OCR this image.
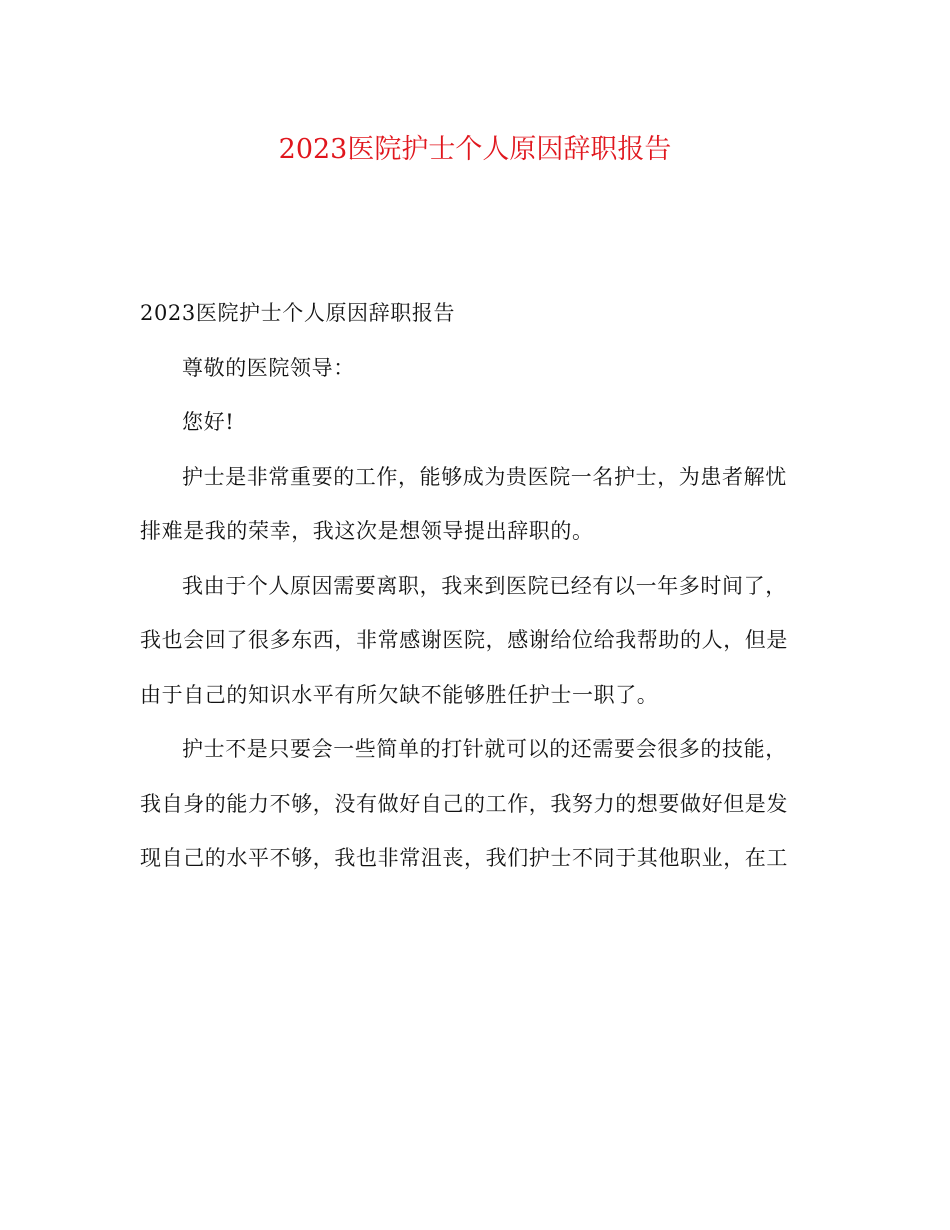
2023医院护士个人原因辞职报告

2023医院护士个人原因辞职报告

尊敬的医院领导：

您好!

护士是非常重要的工作，能够成为贵医院一名护士，为患者解忧
排难是我的荣幸，我这次是想领导提出辞职的。

我由于个人原因需要离职，我来到医院已经有以一年多时间了，
我也会回了很多东西，非常感谢医院，感谢给位给我帮助的人，但是
由于自己的知识水平有所欠缺不能够胜任护士一职了。

护士不是只要会一些简单的打针就可以的还需要会很多的技能，
我自身的能力不够，没有做好自己的工作，我努力的想要做好但是发
现自己的水平不够，我也非常沮丧，我们护士不同于其他职业，在工
